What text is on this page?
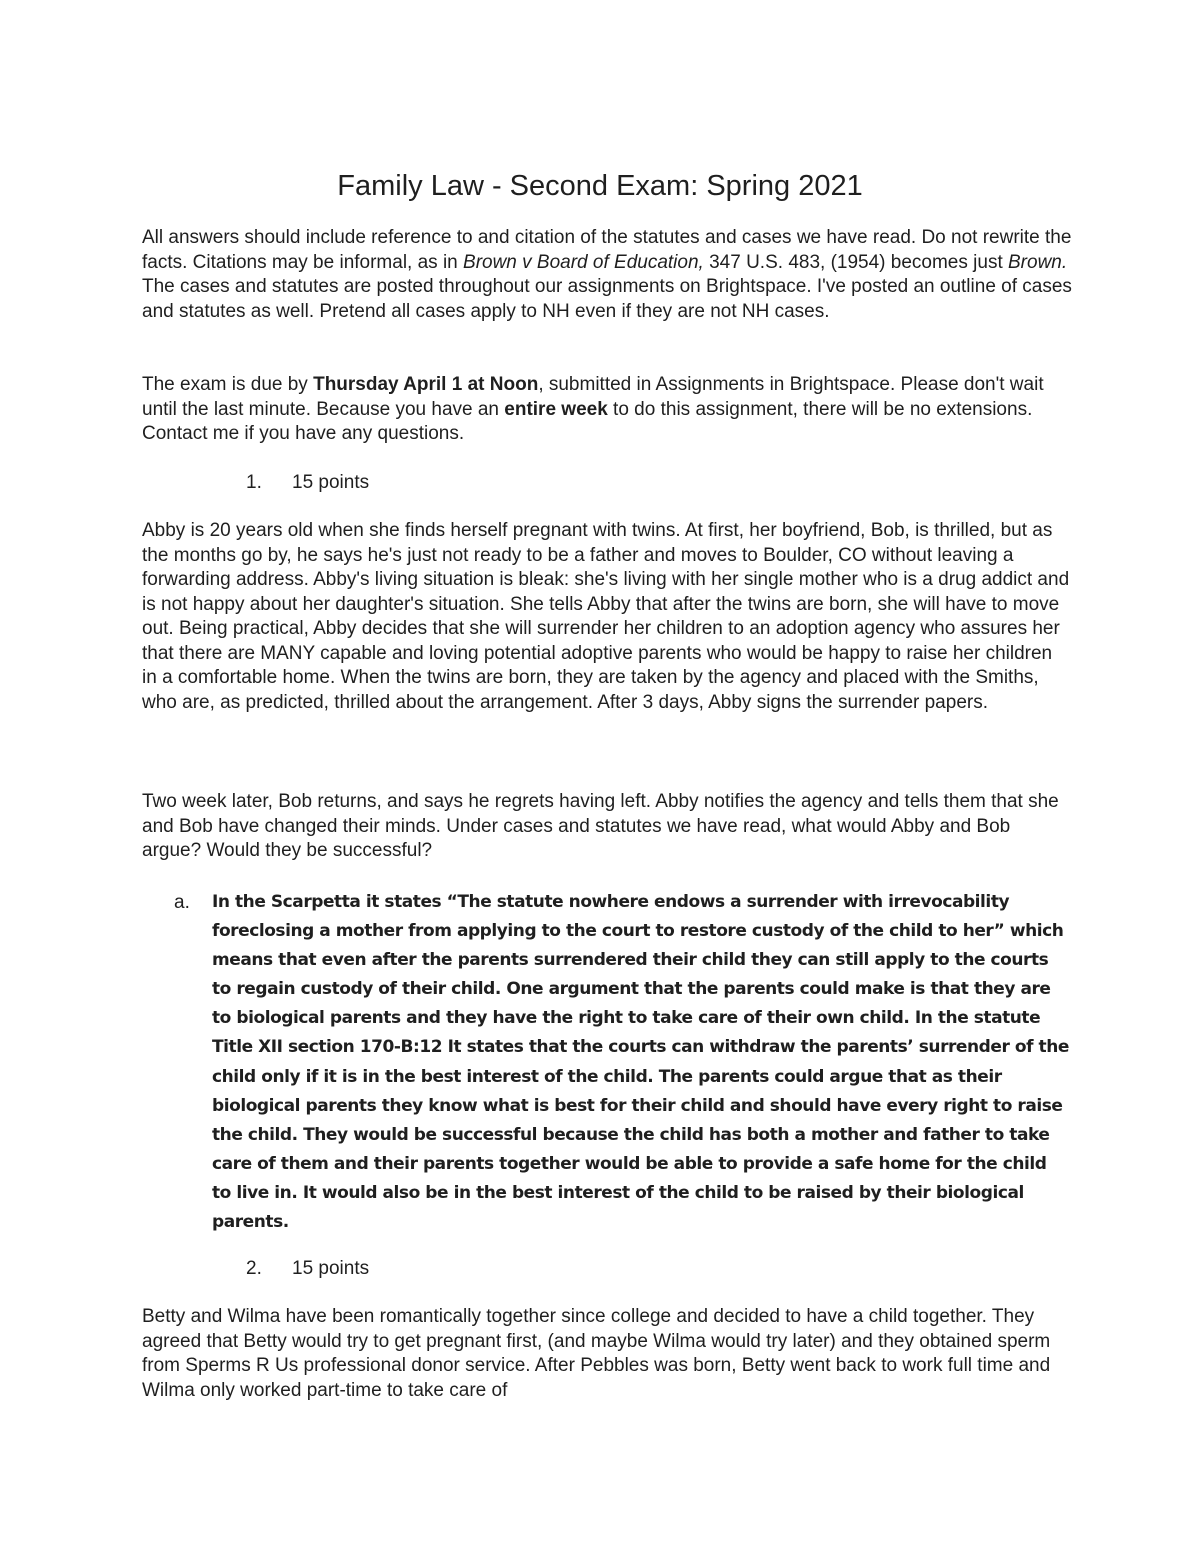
Family Law - Second Exam: Spring 2021

All answers should include reference to and citation of the statutes and cases we have read. Do not rewrite the facts. Citations may be informal, as in Brown v Board of Education, 347 U.S. 483, (1954) becomes just Brown. The cases and statutes are posted throughout our assignments on Brightspace. I've posted an outline of cases and statutes as well. Pretend all cases apply to NH even if they are not NH cases.

The exam is due by Thursday April 1 at Noon, submitted in Assignments in Brightspace. Please don't wait until the last minute. Because you have an entire week to do this assignment, there will be no extensions. Contact me if you have any questions.

1. 15 points

Abby is 20 years old when she finds herself pregnant with twins. At first, her boyfriend, Bob, is thrilled, but as the months go by, he says he's just not ready to be a father and moves to Boulder, CO without leaving a forwarding address. Abby's living situation is bleak: she's living with her single mother who is a drug addict and is not happy about her daughter's situation. She tells Abby that after the twins are born, she will have to move out. Being practical, Abby decides that she will surrender her children to an adoption agency who assures her that there are MANY capable and loving potential adoptive parents who would be happy to raise her children in a comfortable home. When the twins are born, they are taken by the agency and placed with the Smiths, who are, as predicted, thrilled about the arrangement. After 3 days, Abby signs the surrender papers.

Two week later, Bob returns, and says he regrets having left. Abby notifies the agency and tells them that she and Bob have changed their minds. Under cases and statutes we have read, what would Abby and Bob argue? Would they be successful?

a. In the Scarpetta it states “The statute nowhere endows a surrender with irrevocability foreclosing a mother from applying to the court to restore custody of the child to her” which means that even after the parents surrendered their child they can still apply to the courts to regain custody of their child. One argument that the parents could make is that they are to biological parents and they have the right to take care of their own child. In the statute Title XII section 170-B:12 It states that the courts can withdraw the parents’ surrender of the child only if it is in the best interest of the child. The parents could argue that as their biological parents they know what is best for their child and should have every right to raise the child. They would be successful because the child has both a mother and father to take care of them and their parents together would be able to provide a safe home for the child to live in. It would also be in the best interest of the child to be raised by their biological parents.

2. 15 points

Betty and Wilma have been romantically together since college and decided to have a child together. They agreed that Betty would try to get pregnant first, (and maybe Wilma would try later) and they obtained sperm from Sperms R Us professional donor service. After Pebbles was born, Betty went back to work full time and Wilma only worked part-time to take care of
